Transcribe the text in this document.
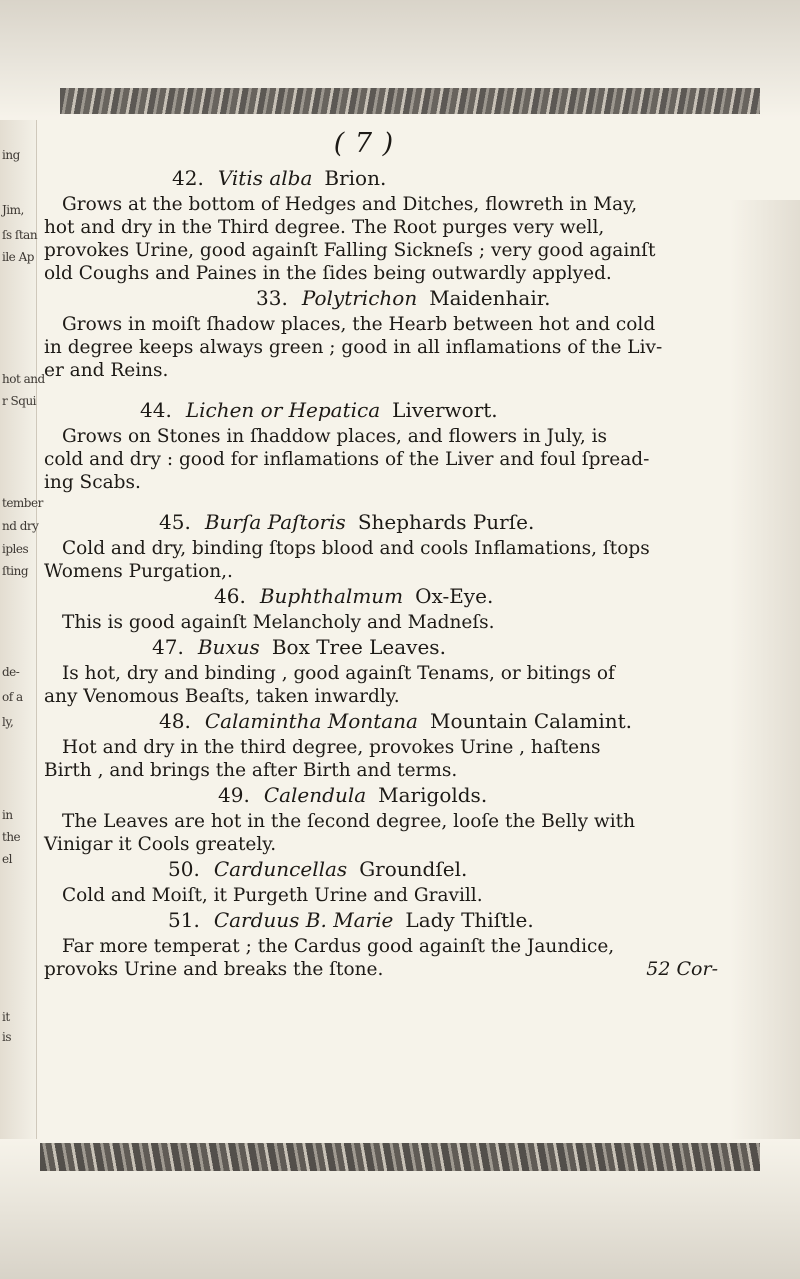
ing
Jim,
ſs ſtan
ile Ap
hot and
r Squi
tember
nd dry
iples
ſting
de-
of a
ly,
in
the
el
it
is
( 7 )
42. Vitis alba Brion.

Grows at the bottom of Hedges and Ditches, flowreth in May,

hot and dry in the Third degree. The Root purges very well,

provokes Urine, good againſt Falling Sickneſs ; very good againſt

old Coughs and Paines in the ſides being outwardly applyed.

33. Polytrichon Maidenhair.

Grows in moiſt ſhadow places, the Hearb between hot and cold

in degree keeps always green ; good in all inflamations of the Liv-

er and Reins.

44. Lichen or Hepatica Liverwort.

Grows on Stones in ſhaddow places, and flowers in July, is

cold and dry : good for inflamations of the Liver and foul ſpread-

ing Scabs.

45. Burſa Paſtoris Shephards Purſe.

Cold and dry, binding ſtops blood and cools Inflamations, ſtops

Womens Purgation,.

46. Buphthalmum Ox-Eye.

This is good againſt Melancholy and Madneſs.

47. Buxus Box Tree Leaves.

Is hot, dry and binding , good againſt Tenams, or bitings of

any Venomous Beaſts, taken inwardly.

48. Calamintha Montana Mountain Calamint.

Hot and dry in the third degree, provokes Urine , haſtens

Birth , and brings the after Birth and terms.

49. Calendula Marigolds.

The Leaves are hot in the ſecond degree, looſe the Belly with

Vinigar it Cools greately.

50. Carduncellas Groundſel.

Cold and Moiſt, it Purgeth Urine and Gravill.

51. Carduus B. Marie Lady Thiſtle.

Far more temperat ; the Cardus good againſt the Jaundice,

provoks Urine and breaks the ſtone.	52 Cor-
